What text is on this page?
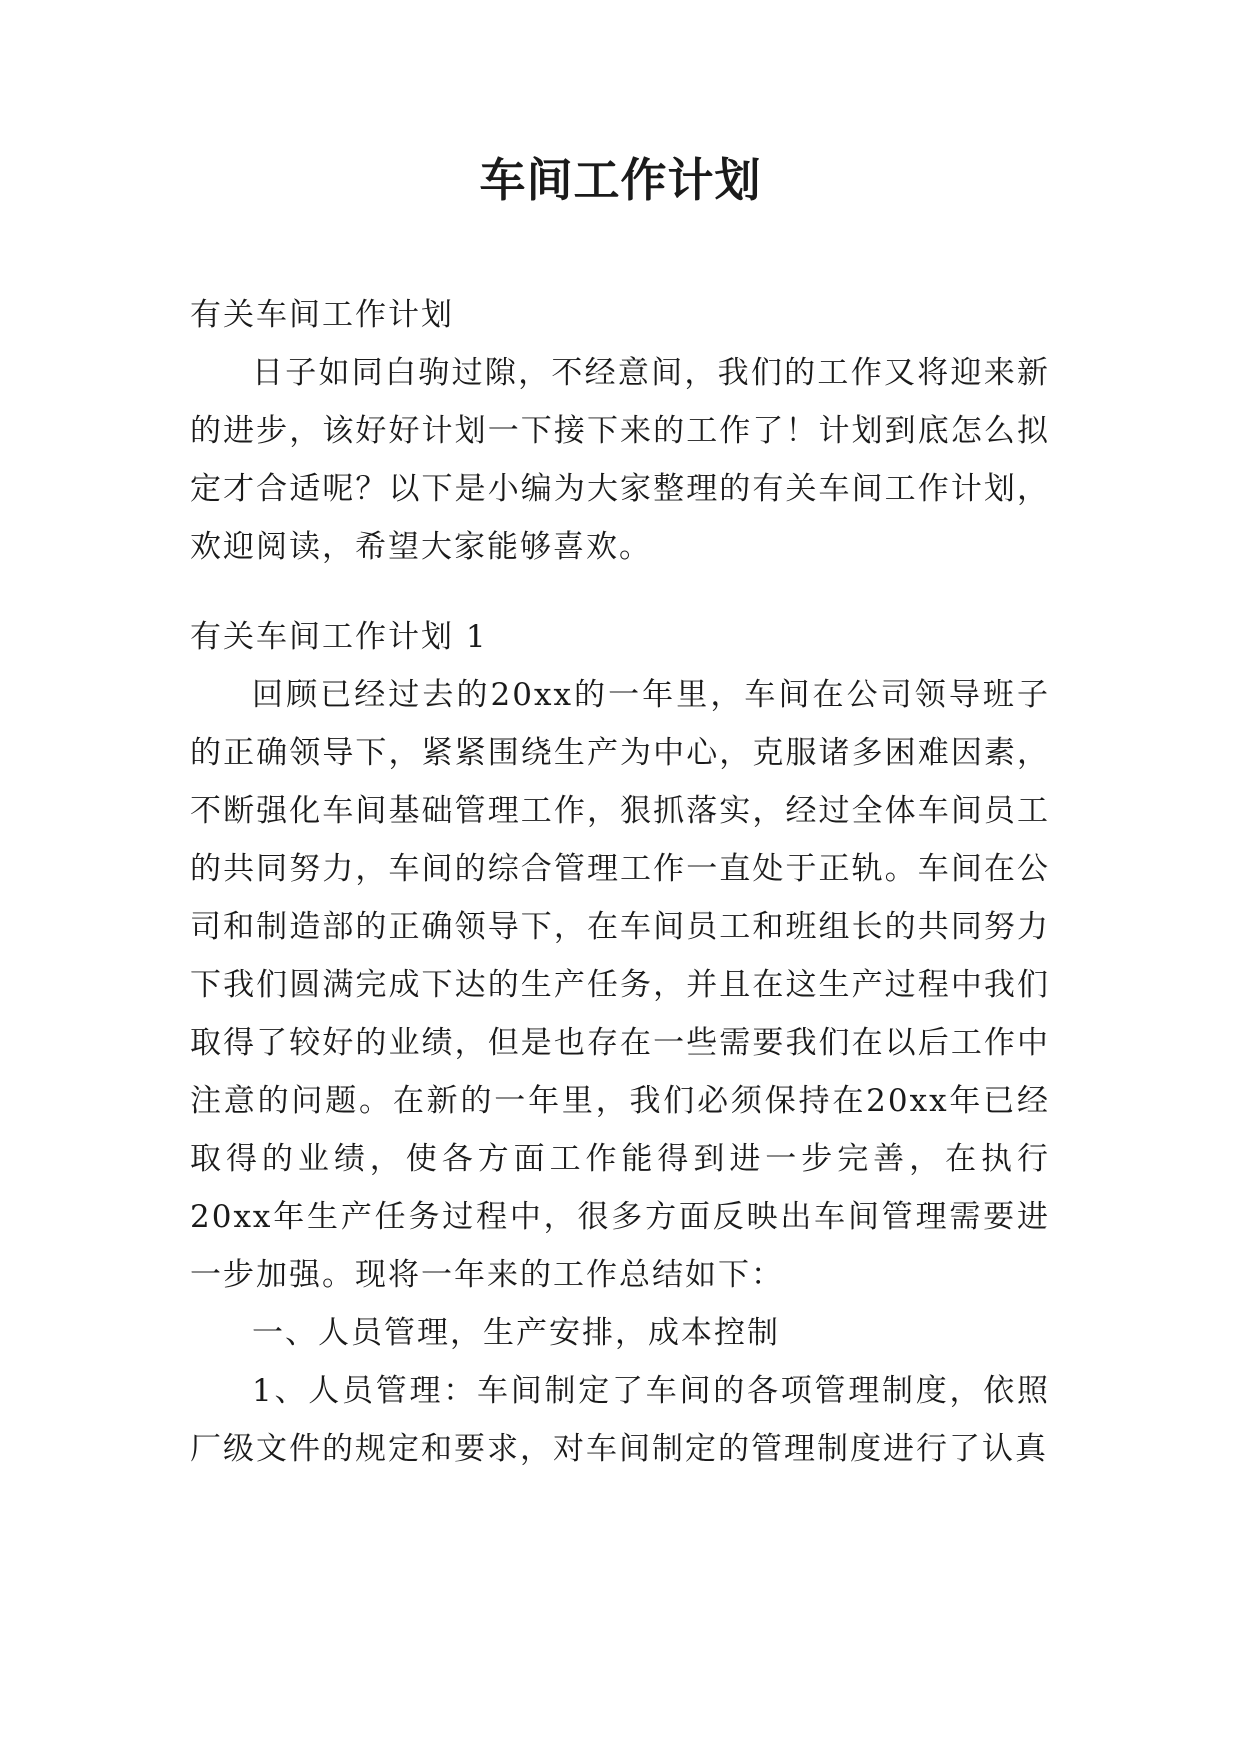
车间工作计划

有关车间工作计划

日子如同白驹过隙，不经意间，我们的工作又将迎来新的进步，该好好计划一下接下来的工作了！计划到底怎么拟定才合适呢？以下是小编为大家整理的有关车间工作计划，欢迎阅读，希望大家能够喜欢。

有关车间工作计划 1

回顾已经过去的20xx的一年里，车间在公司领导班子的正确领导下，紧紧围绕生产为中心，克服诸多困难因素，不断强化车间基础管理工作，狠抓落实，经过全体车间员工的共同努力，车间的综合管理工作一直处于正轨。车间在公司和制造部的正确领导下，在车间员工和班组长的共同努力下我们圆满完成下达的生产任务，并且在这生产过程中我们取得了较好的业绩，但是也存在一些需要我们在以后工作中注意的问题。在新的一年里，我们必须保持在20xx年已经取得的业绩，使各方面工作能得到进一步完善，在执行20xx年生产任务过程中，很多方面反映出车间管理需要进一步加强。现将一年来的工作总结如下：

一、人员管理，生产安排，成本控制

1、人员管理：车间制定了车间的各项管理制度，依照厂级文件的规定和要求，对车间制定的管理制度进行了认真
